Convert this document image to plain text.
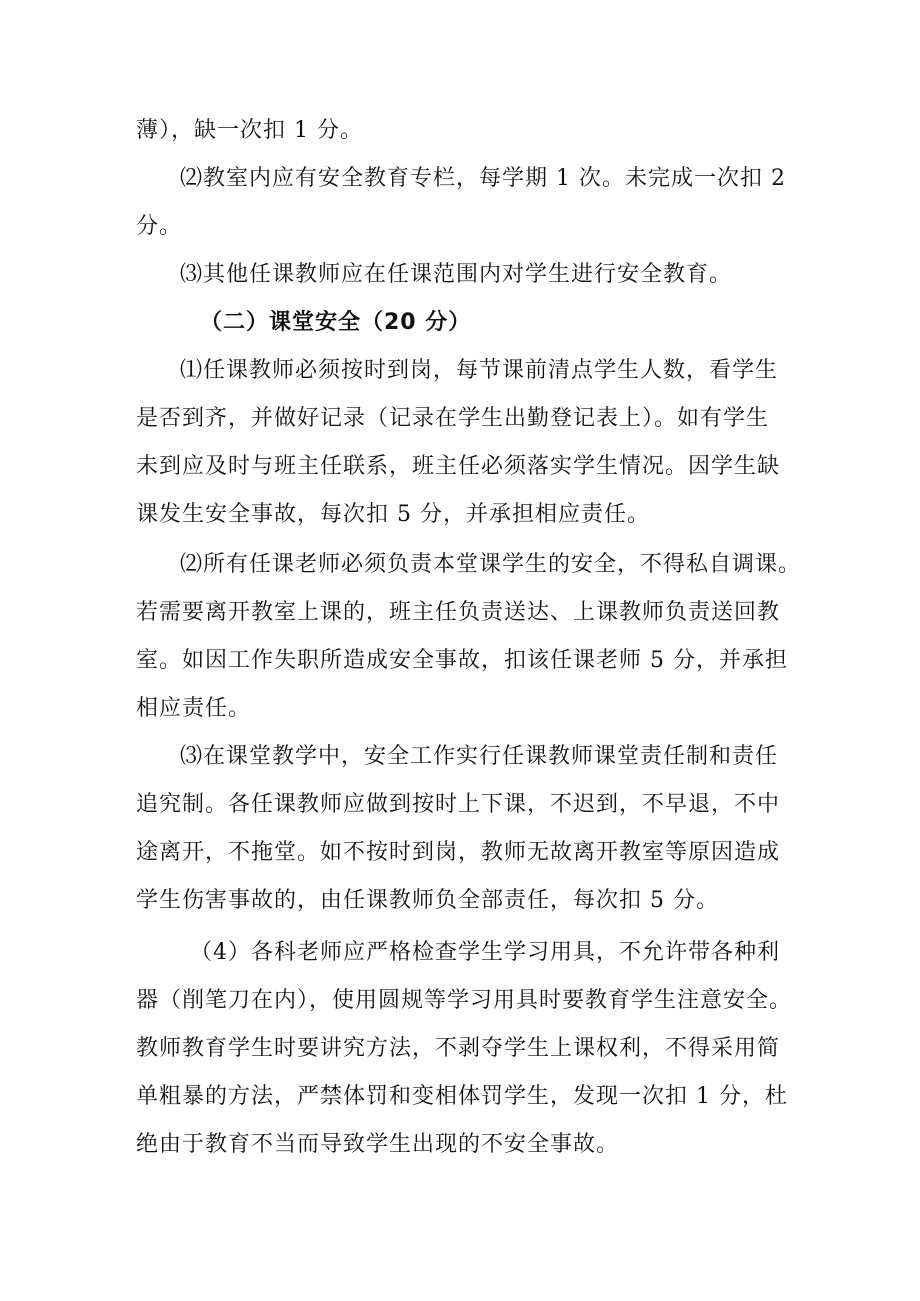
薄），缺一次扣 1 分。
⑵教室内应有安全教育专栏，每学期 1 次。未完成一次扣 2
分。
⑶其他任课教师应在任课范围内对学生进行安全教育。
（二）课堂安全（20 分）
⑴任课教师必须按时到岗，每节课前清点学生人数，看学生
是否到齐，并做好记录（记录在学生出勤登记表上）。如有学生
未到应及时与班主任联系，班主任必须落实学生情况。因学生缺
课发生安全事故，每次扣 5 分，并承担相应责任。
⑵所有任课老师必须负责本堂课学生的安全，不得私自调课。
若需要离开教室上课的，班主任负责送达、上课教师负责送回教
室。如因工作失职所造成安全事故，扣该任课老师 5 分，并承担
相应责任。
⑶在课堂教学中，安全工作实行任课教师课堂责任制和责任
追究制。各任课教师应做到按时上下课，不迟到，不早退，不中
途离开，不拖堂。如不按时到岗，教师无故离开教室等原因造成
学生伤害事故的，由任课教师负全部责任，每次扣 5 分。
（4）各科老师应严格检查学生学习用具，不允许带各种利
器（削笔刀在内），使用圆规等学习用具时要教育学生注意安全。
教师教育学生时要讲究方法，不剥夺学生上课权利，不得采用简
单粗暴的方法，严禁体罚和变相体罚学生，发现一次扣 1 分，杜
绝由于教育不当而导致学生出现的不安全事故。
